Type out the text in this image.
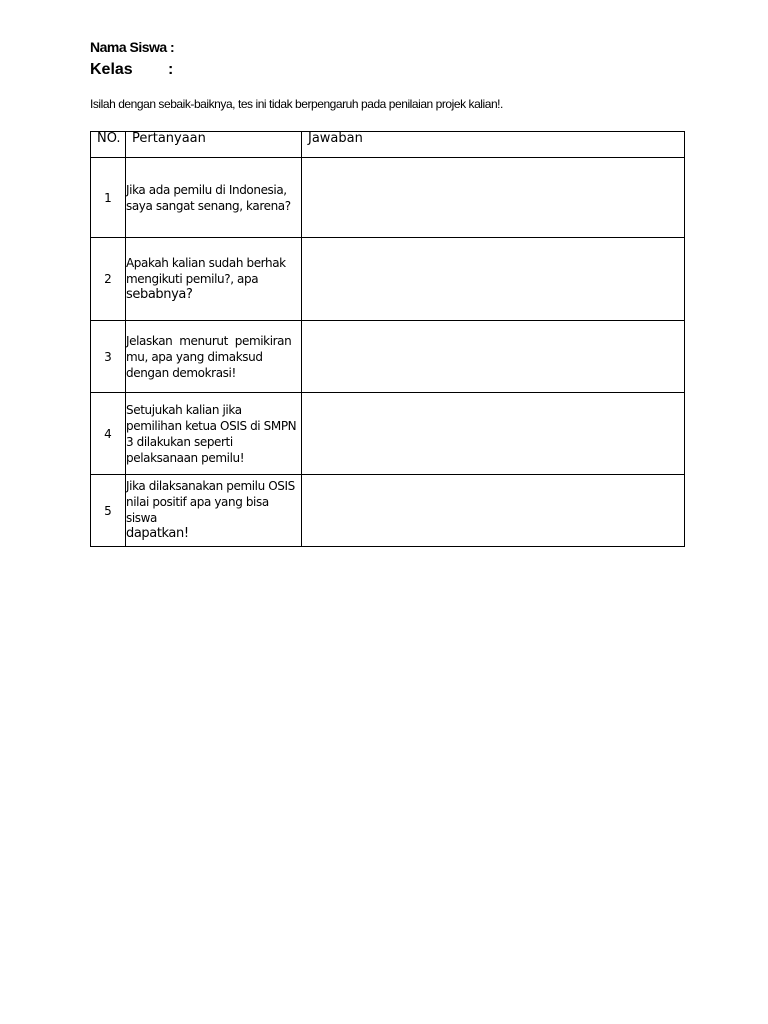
Nama Siswa :
Kelas :
Isilah dengan sebaik-baiknya, tes ini tidak berpengaruh pada penilaian projek kalian!.
NO.	Pertanyaan	Jawaban
1	Jika ada pemilu di Indonesia,
saya sangat senang, karena?	

2	Apakah kalian sudah berhak
mengikuti pemilu?, apa
sebabnya?	

3	Jelaskan  menurut  pemikiran
mu, apa yang dimaksud
dengan demokrasi!	

4	Setujukah kalian jika
pemilihan ketua OSIS di SMPN
3 dilakukan seperti
pelaksanaan pemilu!	

5	Jika dilaksanakan pemilu OSIS
nilai positif apa yang bisa
siswa
dapatkan!	
